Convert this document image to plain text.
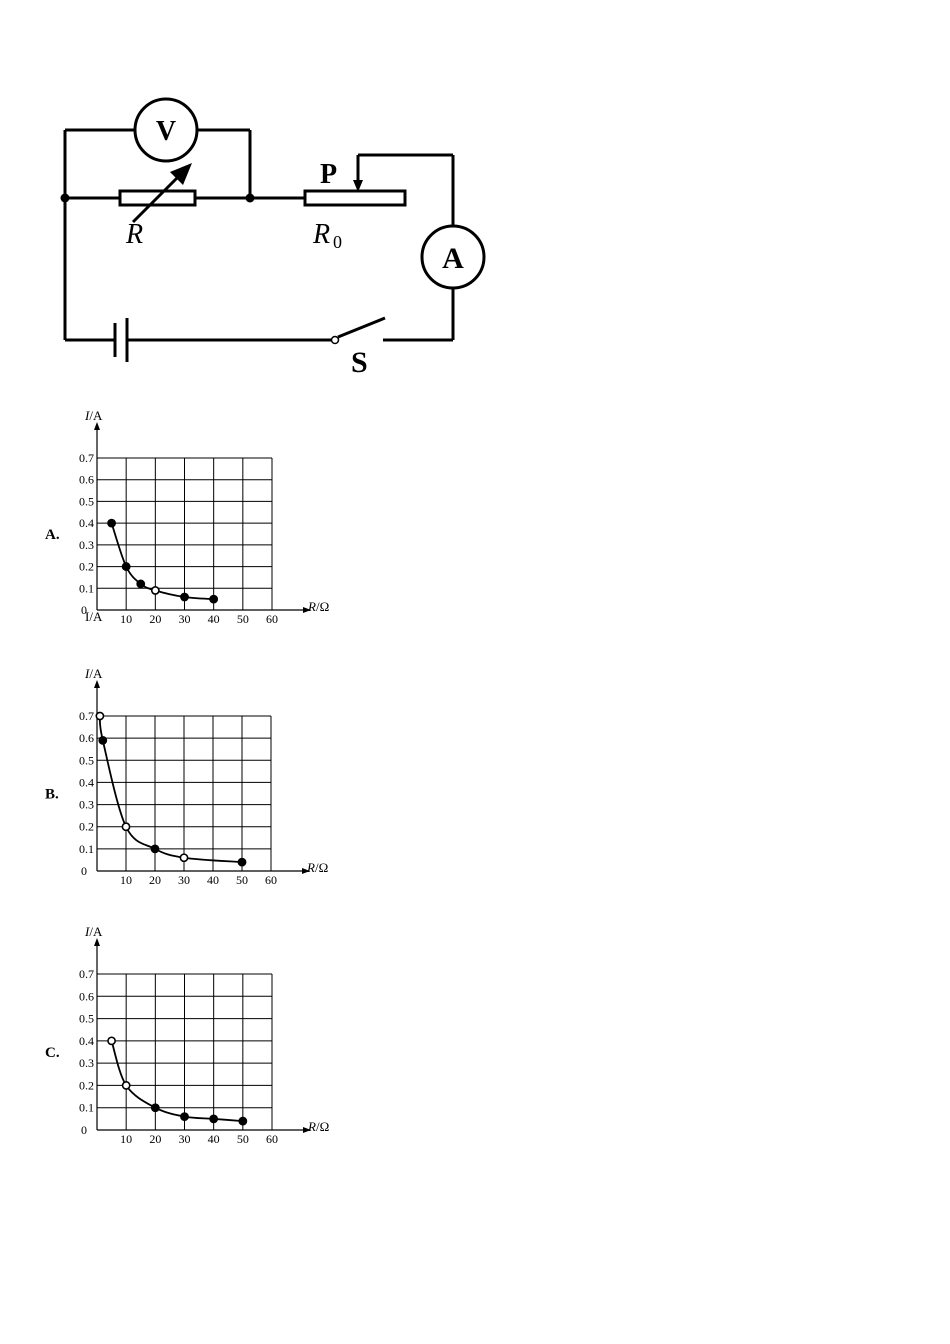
V
R
P
R 0	A
S
0.1
0.2
0.3
0.4
0.5
0.6
0.7
10 20 30 40 50 60
0
I/A
R/Ω
I/A
A.
0.1
0.2
0.3
0.4
0.5
0.6
0.7
10 20 30 40 50 60
0
I/A
R/Ω
B.
0.1
0.2
0.3
0.4
0.5
0.6
0.7
10 20 30 40 50 60
0
I/A
R/Ω
C.
